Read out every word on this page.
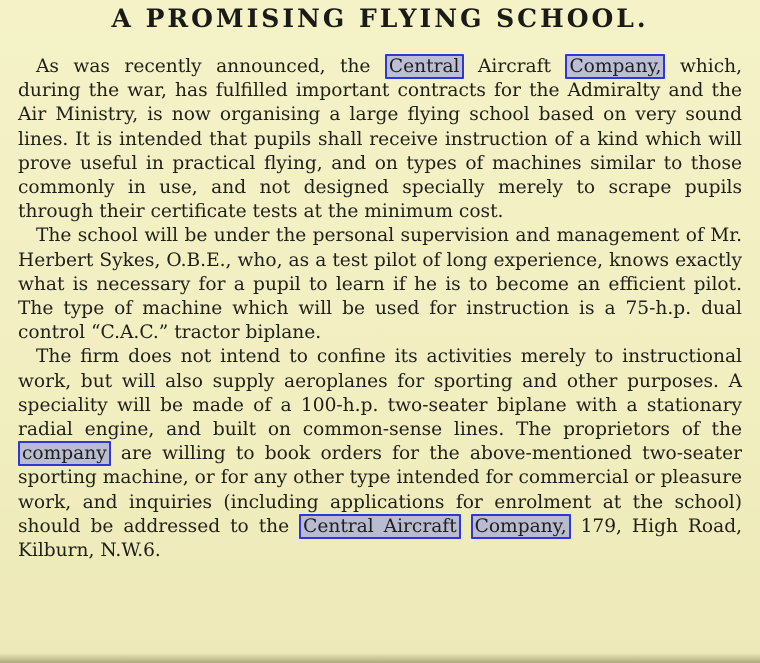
A PROMISING FLYING SCHOOL.

As was recently announced, the Central Aircraft Company, which, during the war, has fulfilled important contracts for the Admiralty and the Air Ministry, is now organising a large flying school based on very sound lines. It is intended that pupils shall receive instruction of a kind which will prove useful in practical flying, and on types of machines similar to those commonly in use, and not designed specially merely to scrape pupils through their certificate tests at the minimum cost.

The school will be under the personal supervision and management of Mr. Herbert Sykes, O.B.E., who, as a test pilot of long experience, knows exactly what is necessary for a pupil to learn if he is to become an efficient pilot. The type of machine which will be used for instruction is a 75-h.p. dual control “C.A.C.” tractor biplane.

The firm does not intend to confine its activities merely to instructional work, but will also supply aeroplanes for sporting and other purposes. A speciality will be made of a 100-h.p. two-seater biplane with a stationary radial engine, and built on common-sense lines. The proprietors of the company are willing to book orders for the above-mentioned two-seater sporting machine, or for any other type intended for commercial or pleasure work, and inquiries (including applications for enrolment at the school) should be addressed to the Central Aircraft Company, 179, High Road, Kilburn, N.W.6.
